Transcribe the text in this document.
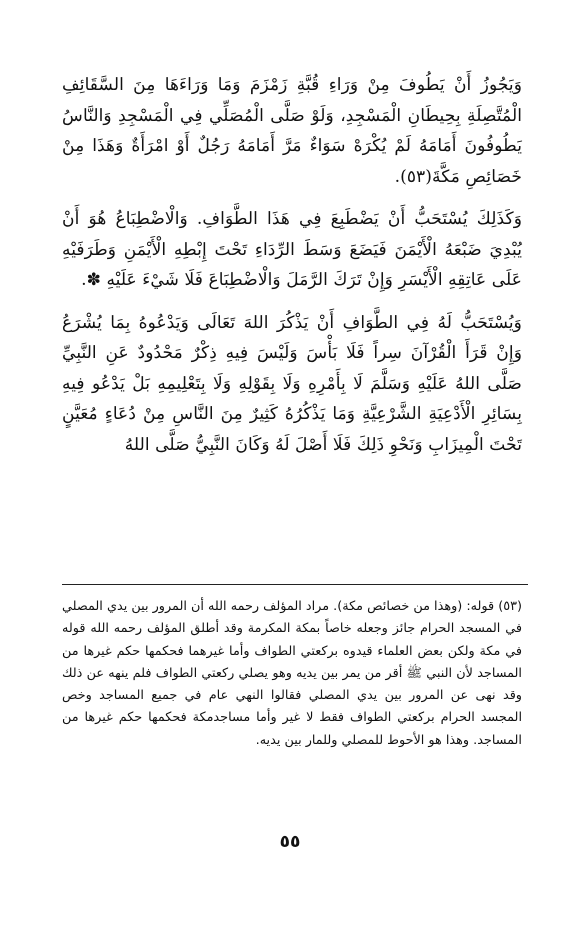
وَيَجُوزُ أَنْ يَطُوفَ مِنْ وَرَاءِ قُبَّةِ زَمْزَمَ وَمَا وَرَاءَهَا مِنَ السَّقَائِفِ الْمُتَّصِلَةِ بِحِيطَانِ الْمَسْجِدِ، وَلَوْ صَلَّى الْمُصَلِّي فِي الْمَسْجِدِ وَالنَّاسُ يَطُوفُونَ أَمَامَهُ لَمْ يُكْرَهْ سَوَاءٌ مَرَّ أَمَامَهُ رَجُلٌ أَوْ امْرَأَةٌ وَهَذَا مِنْ خَصَائِصِ مَكَّةَ(٥٣).

وَكَذَلِكَ يُسْتَحَبُّ أَنْ يَضْطَبِعَ فِي هَذَا الطَّوَافِ. وَالْاضْطِبَاعُ هُوَ أَنْ يُبْدِيَ ضَبْعَهُ الْأَيْمَنَ فَيَضَعَ وَسَطَ الرِّدَاءِ تَحْتَ إِبْطِهِ الْأَيْمَنِ وَطَرَفَيْهِ عَلَى عَاتِقِهِ الْأَيْسَرِ وَإِنْ تَرَكَ الرَّمَلَ وَالْاضْطِبَاعَ فَلَا شَيْءَ عَلَيْهِ ✽.

وَيُسْتَحَبُّ لَهُ فِي الطَّوَافِ أَنْ يَذْكُرَ اللهَ تَعَالَى وَيَدْعُوهُ بِمَا يُشْرَعُ وَإِنْ قَرَأَ الْقُرْآنَ سِراً فَلَا بَأْسَ وَلَيْسَ فِيهِ ذِكْرٌ مَحْدُودٌ عَنِ النَّبِيِّ صَلَّى اللهُ عَلَيْهِ وَسَلَّمَ لَا بِأَمْرِهِ وَلَا بِقَوْلِهِ وَلَا بِتَعْلِيمِهِ بَلْ يَدْعُو فِيهِ بِسَائِرِ الْأَدْعِيَةِ الشَّرْعِيَّةِ وَمَا يَذْكُرُهُ كَثِيرٌ مِنَ النَّاسِ مِنْ دُعَاءٍ مُعَيَّنٍ تَحْتَ الْمِيزَابِ وَنَحْوِ ذَلِكَ فَلَا أَصْلَ لَهُ وَكَانَ النَّبِيُّ صَلَّى اللهُ

(٥٣) قوله: (وهذا من خصائص مكة). مراد المؤلف رحمه الله أن المرور بين يدي المصلي في المسجد الحرام جائز وجعله خاصاً بمكة المكرمة وقد أطلق المؤلف رحمه الله قوله في مكة ولكن بعض العلماء قيدوه بركعتي الطواف وأما غيرهما فحكمها حكم غيرها من المساجد لأن النبي ﷺ أقر من يمر بين يديه وهو يصلي ركعتي الطواف فلم ينهه عن ذلك وقد نهى عن المرور بين يدي المصلي فقالوا النهي عام في جميع المساجد وخص المجسد الحرام بركعتي الطواف فقط لا غير وأما مساجدمكة فحكمها حكم غيرها من المساجد. وهذا هو الأحوط للمصلي وللمار بين يديه.

٥٥
